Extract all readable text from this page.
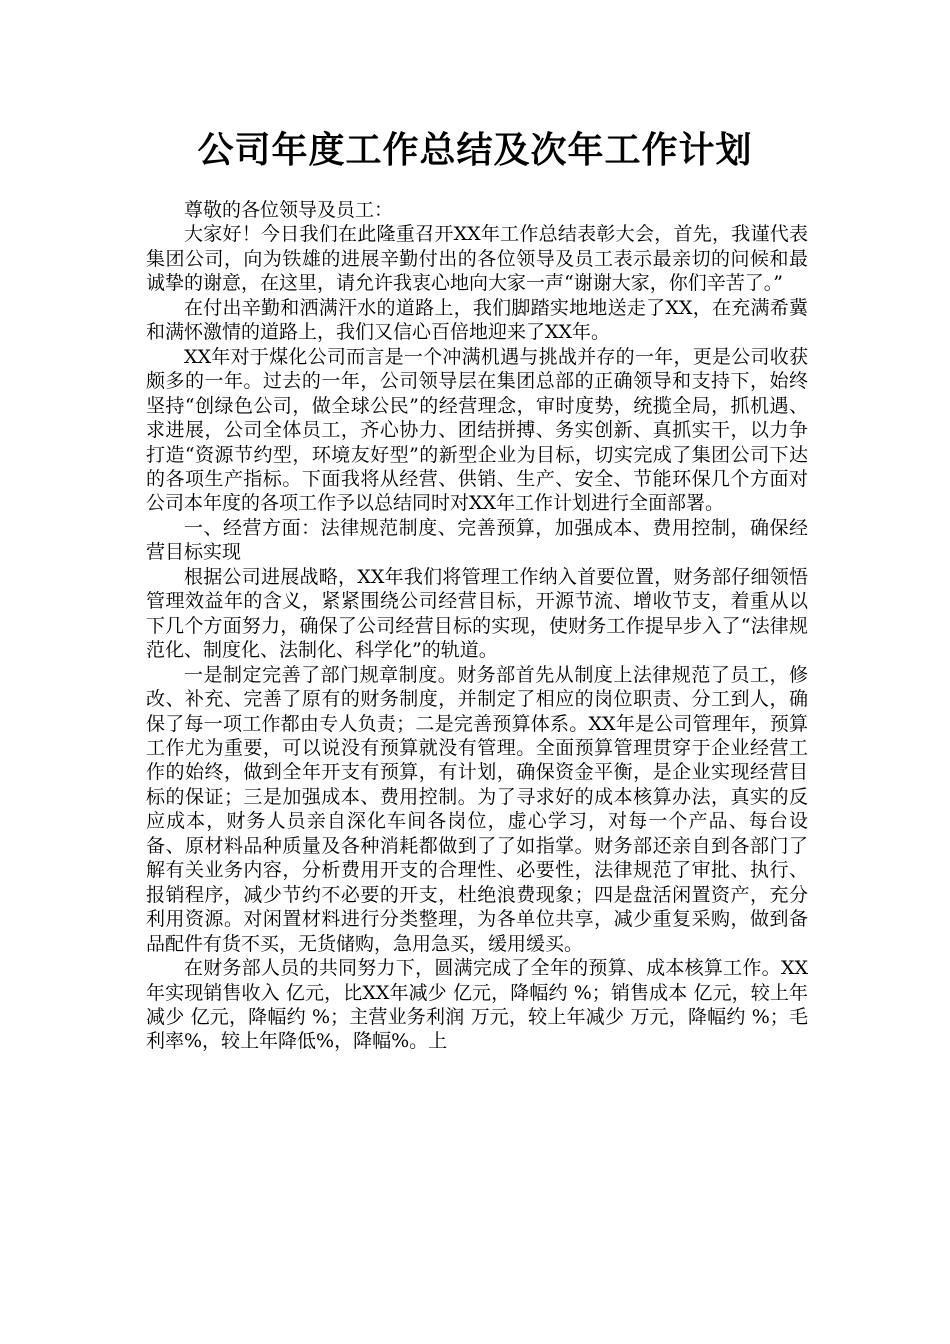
公司年度工作总结及次年工作计划

尊敬的各位领导及员工：

大家好！今日我们在此隆重召开XX年工作总结表彰大会，首先，我谨代表集团公司，向为铁雄的进展辛勤付出的各位领导及员工表示最亲切的问候和最诚挚的谢意，在这里，请允许我衷心地向大家一声“谢谢大家，你们辛苦了。”

在付出辛勤和洒满汗水的道路上，我们脚踏实地地送走了XX，在充满希冀和满怀激情的道路上，我们又信心百倍地迎来了XX年。

XX年对于煤化公司而言是一个冲满机遇与挑战并存的一年，更是公司收获颇多的一年。过去的一年，公司领导层在集团总部的正确领导和支持下，始终坚持“创绿色公司，做全球公民”的经营理念，审时度势，统揽全局，抓机遇、求进展，公司全体员工，齐心协力、团结拼搏、务实创新、真抓实干，以力争打造“资源节约型，环境友好型”的新型企业为目标，切实完成了集团公司下达的各项生产指标。下面我将从经营、供销、生产、安全、节能环保几个方面对公司本年度的各项工作予以总结同时对XX年工作计划进行全面部署。

一、经营方面：法律规范制度、完善预算，加强成本、费用控制，确保经营目标实现

根据公司进展战略，XX年我们将管理工作纳入首要位置，财务部仔细领悟管理效益年的含义，紧紧围绕公司经营目标，开源节流、增收节支，着重从以下几个方面努力，确保了公司经营目标的实现，使财务工作提早步入了“法律规范化、制度化、法制化、科学化”的轨道。

一是制定完善了部门规章制度。财务部首先从制度上法律规范了员工，修改、补充、完善了原有的财务制度，并制定了相应的岗位职责、分工到人，确保了每一项工作都由专人负责；二是完善预算体系。XX年是公司管理年，预算工作尤为重要，可以说没有预算就没有管理。全面预算管理贯穿于企业经营工作的始终，做到全年开支有预算，有计划，确保资金平衡，是企业实现经营目标的保证；三是加强成本、费用控制。为了寻求好的成本核算办法，真实的反应成本，财务人员亲自深化车间各岗位，虚心学习，对每一个产品、每台设备、原材料品种质量及各种消耗都做到了了如指掌。财务部还亲自到各部门了解有关业务内容，分析费用开支的合理性、必要性，法律规范了审批、执行、报销程序，减少节约不必要的开支，杜绝浪费现象；四是盘活闲置资产，充分利用资源。对闲置材料进行分类整理，为各单位共享，减少重复采购，做到备品配件有货不买，无货储购，急用急买，缓用缓买。

在财务部人员的共同努力下，圆满完成了全年的预算、成本核算工作。XX年实现销售收入 亿元，比XX年减少 亿元，降幅约 %；销售成本 亿元，较上年减少 亿元，降幅约 %；主营业务利润 万元，较上年减少 万元，降幅约 %；毛利率%，较上年降低%，降幅%。上
